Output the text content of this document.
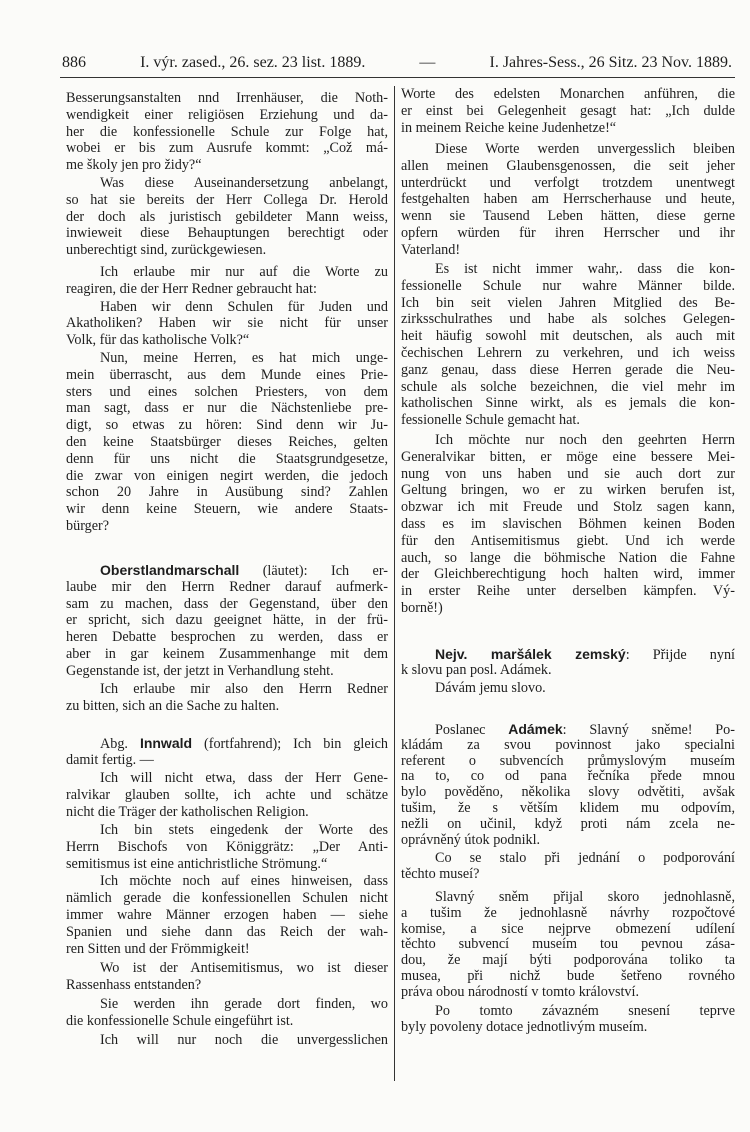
886	I. výr. zased., 26. sez. 23 list. 1889.	—	I. Jahres-Sess., 26 Sitz. 23 Nov. 1889.
Besserungsanstalten nnd Irrenhäuser, die Noth-
wendigkeit einer religiösen Erziehung und da-
her die konfessionelle Schule zur Folge hat,
wobei er bis zum Ausrufe kommt: „Což má-
me školy jen pro židy?“
Was diese Auseinandersetzung anbelangt,
so hat sie bereits der Herr Collega Dr. Herold
der doch als juristisch gebildeter Mann weiss,
inwieweit diese Behauptungen berechtigt oder
unberechtigt sind, zurückgewiesen.
Ich erlaube mir nur auf die Worte zu
reagiren, die der Herr Redner gebraucht hat:
Haben wir denn Schulen für Juden und
Akatholiken? Haben wir sie nicht für unser
Volk, für das katholische Volk?“
Nun, meine Herren, es hat mich unge-
mein überrascht, aus dem Munde eines Prie-
sters und eines solchen Priesters, von dem
man sagt, dass er nur die Nächstenliebe pre-
digt, so etwas zu hören: Sind denn wir Ju-
den keine Staatsbürger dieses Reiches, gelten
denn für uns nicht die Staatsgrundgesetze,
die zwar von einigen negirt werden, die jedoch
schon 20 Jahre in Ausübung sind? Zahlen
wir denn keine Steuern, wie andere Staats-
bürger?
Oberstlandmarschall (läutet): Ich er-
laube mir den Herrn Redner darauf aufmerk-
sam zu machen, dass der Gegenstand, über den
er spricht, sich dazu geeignet hätte, in der frü-
heren Debatte besprochen zu werden, dass er
aber in gar keinem Zusammenhange mit dem
Gegenstande ist, der jetzt in Verhandlung steht.
Ich erlaube mir also den Herrn Redner
zu bitten, sich an die Sache zu halten.
Abg. Innwald (fortfahrend); Ich bin gleich
damit fertig. —
Ich will nicht etwa, dass der Herr Gene-
ralvikar glauben sollte, ich achte und schätze
nicht die Träger der katholischen Religion.
Ich bin stets eingedenk der Worte des
Herrn Bischofs von Königgrätz: „Der Anti-
semitismus ist eine antichristliche Strömung.“
Ich möchte noch auf eines hinweisen, dass
nämlich gerade die konfessionellen Schulen nicht
immer wahre Männer erzogen haben — siehe
Spanien und siehe dann das Reich der wah-
ren Sitten und der Frömmigkeit!
Wo ist der Antisemitismus, wo ist dieser
Rassenhass entstanden?
Sie werden ihn gerade dort finden, wo
die konfessionelle Schule eingeführt ist.
Ich will nur noch die unvergesslichen
Worte des edelsten Monarchen anführen, die
er einst bei Gelegenheit gesagt hat: „Ich dulde
in meinem Reiche keine Judenhetze!“
Diese Worte werden unvergesslich bleiben
allen meinen Glaubensgenossen, die seit jeher
unterdrückt und verfolgt trotzdem unentwegt
festgehalten haben am Herrscherhause und heute,
wenn sie Tausend Leben hätten, diese gerne
opfern würden für ihren Herrscher und ihr
Vaterland!
Es ist nicht immer wahr,. dass die kon-
fessionelle Schule nur wahre Männer bilde.
Ich bin seit vielen Jahren Mitglied des Be-
zirksschulrathes und habe als solches Gelegen-
heit häufig sowohl mit deutschen, als auch mit
čechischen Lehrern zu verkehren, und ich weiss
ganz genau, dass diese Herren gerade die Neu-
schule als solche bezeichnen, die viel mehr im
katholischen Sinne wirkt, als es jemals die kon-
fessionelle Schule gemacht hat.
Ich möchte nur noch den geehrten Herrn
Generalvikar bitten, er möge eine bessere Mei-
nung von uns haben und sie auch dort zur
Geltung bringen, wo er zu wirken berufen ist,
obzwar ich mit Freude und Stolz sagen kann,
dass es im slavischen Böhmen keinen Boden
für den Antisemitismus giebt. Und ich werde
auch, so lange die böhmische Nation die Fahne
der Gleichberechtigung hoch halten wird, immer
in erster Reihe unter derselben kämpfen. Vý-
borně!)
Nejv. maršálek zemský: Přijde nyní
k slovu pan posl. Adámek.
Dávám jemu slovo.
Poslanec Adámek: Slavný sněme! Po-
kládám za svou povinnost jako specialni
referent o subvencích průmyslovým museím
na to, co od pana řečníka přede mnou
bylo pověděno, několika slovy odvětiti, avšak
tušim, že s větším klidem mu odpovím,
nežli on učinil, když proti nám zcela ne-
oprávněný útok podnikl.
Co se stalo při jednání o podporování
těchto museí?
Slavný sněm přijal skoro jednohlasně,
a tušim že jednohlasně návrhy rozpočtové
komise, a sice nejprve obmezení udílení
těchto subvencí museím tou pevnou zása-
dou, že mají býti podporována toliko ta
musea, při nichž bude šetřeno rovného
práva obou národností v tomto království.
Po tomto závazném snesení teprve
byly povoleny dotace jednotlivým museím.
